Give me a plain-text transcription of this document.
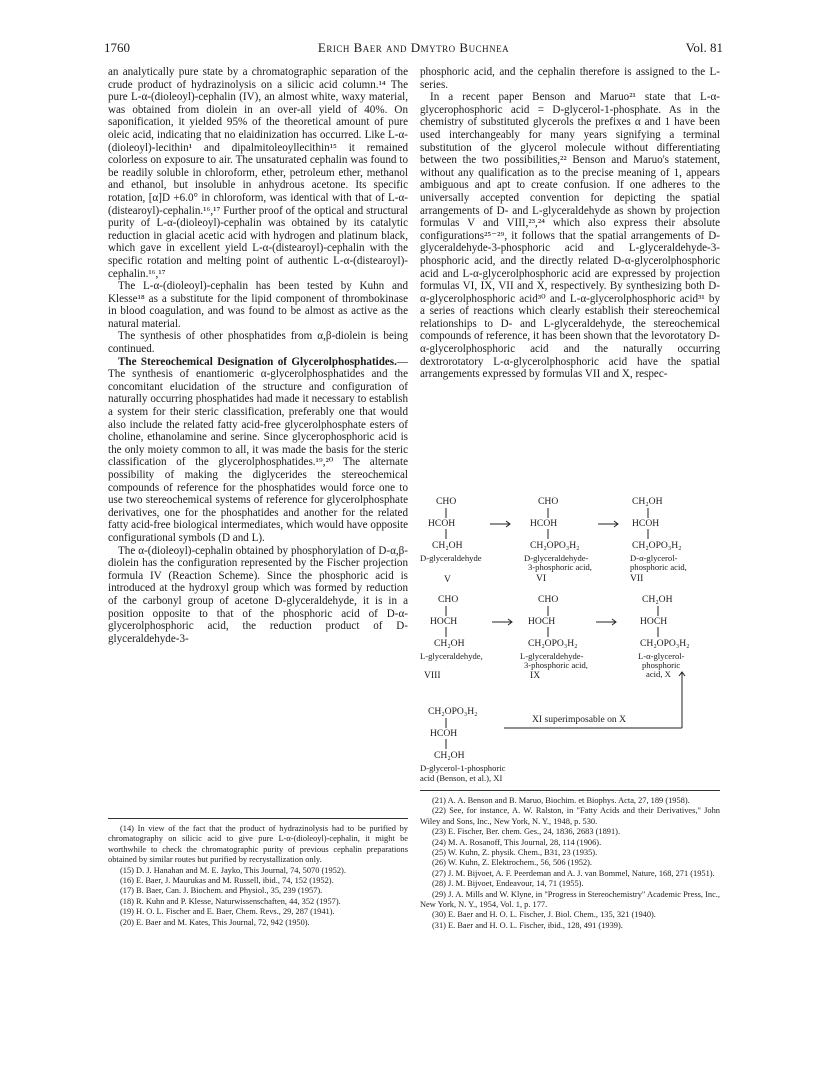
1760	Erich Baer and Dmytro Buchnea	Vol. 81

an analytically pure state by a chromatographic separation of the crude product of hydrazinolysis on a silicic acid column.¹⁴ The pure L-α-(dioleoyl)-cephalin (IV), an almost white, waxy material, was obtained from diolein in an over-all yield of 40%. On saponification, it yielded 95% of the theoretical amount of pure oleic acid, indicating that no elaidinization has occurred. Like L-α-(dioleoyl)-lecithin¹ and dipalmitoleoyllecithin¹⁵ it remained colorless on exposure to air. The unsaturated cephalin was found to be readily soluble in chloroform, ether, petroleum ether, methanol and ethanol, but insoluble in anhydrous acetone. Its specific rotation, [α]D +6.0° in chloroform, was identical with that of L-α-(distearoyl)-cephalin.¹⁶,¹⁷ Further proof of the optical and structural purity of L-α-(dioleoyl)-cephalin was obtained by its catalytic reduction in glacial acetic acid with hydrogen and platinum black, which gave in excellent yield L-α-(distearoyl)-cephalin with the specific rotation and melting point of authentic L-α-(distearoyl)-cephalin.¹⁶,¹⁷

The L-α-(dioleoyl)-cephalin has been tested by Kuhn and Klesse¹⁸ as a substitute for the lipid component of thrombokinase in blood coagulation, and was found to be almost as active as the natural material.

The synthesis of other phosphatides from α,β-diolein is being continued.

The Stereochemical Designation of Glycerolphosphatides.—The synthesis of enantiomeric α-glycerolphosphatides and the concomitant elucidation of the structure and configuration of naturally occurring phosphatides had made it necessary to establish a system for their steric classification, preferably one that would also include the related fatty acid-free glycerolphosphate esters of choline, ethanolamine and serine. Since glycerophosphoric acid is the only moiety common to all, it was made the basis for the steric classification of the glycerolphosphatides.¹⁹,²⁰ The alternate possibility of making the diglycerides the stereochemical compounds of reference for the phosphatides would force one to use two stereochemical systems of reference for glycerolphosphate derivatives, one for the phosphatides and another for the related fatty acid-free biological intermediates, which would have opposite configurational symbols (D and L).

The α-(dioleoyl)-cephalin obtained by phosphorylation of D-α,β-diolein has the configuration represented by the Fischer projection formula IV (Reaction Scheme). Since the phosphoric acid is introduced at the hydroxyl group which was formed by reduction of the carbonyl group of acetone D-glyceraldehyde, it is in a position opposite to that of the phosphoric acid of D-α-glycerolphosphoric acid, the reduction product of D-glyceraldehyde-3-

phosphoric acid, and the cephalin therefore is assigned to the L-series.

In a recent paper Benson and Maruo²¹ state that L-α-glycerophosphoric acid = D-glycerol-1-phosphate. As in the chemistry of substituted glycerols the prefixes α and 1 have been used interchangeably for many years signifying a terminal substitution of the glycerol molecule without differentiating between the two possibilities,²² Benson and Maruo's statement, without any qualification as to the precise meaning of 1, appears ambiguous and apt to create confusion. If one adheres to the universally accepted convention for depicting the spatial arrangements of D- and L-glyceraldehyde as shown by projection formulas V and VIII,²³,²⁴ which also express their absolute configurations²⁵⁻²⁹, it follows that the spatial arrangements of D-glyceraldehyde-3-phosphoric acid and L-glyceraldehyde-3-phosphoric acid, and the directly related D-α-glycerolphosphoric acid and L-α-glycerolphosphoric acid are expressed by projection formulas VI, IX, VII and X, respectively. By synthesizing both D-α-glycerolphosphoric acid³⁰ and L-α-glycerolphosphoric acid³¹ by a series of reactions which clearly establish their stereochemical relationships to D- and L-glyceraldehyde, the stereochemical compounds of reference, it has been shown that the levorotatory D-α-glycerolphosphoric acid and the naturally occurring dextrorotatory L-α-glycerolphosphoric acid have the spatial arrangements expressed by formulas VII and X, respec-

CHO
HCOH
CH₂OH
D-glyceraldehyde
V
CHO
HCOH
CH₂OPO₃H₂
D-glyceraldehyde-
3-phosphoric acid,
VI
CH₂OH
HCOH
CH₂OPO₃H₂
D-α-glycerol-
phosphoric acid,
VII
CHO
HOCH
CH₂OH
L-glyceraldehyde,
VIII
CHO
HOCH
CH₂OPO₃H₂
L-glyceraldehyde-
3-phosphoric acid,
IX
CH₂OH
HOCH
CH₂OPO₃H₂
L-α-glycerol-
phosphoric
acid, X
CH₂OPO₃H₂
HCOH
CH₂OH
XI superimposable on X
D-glycerol-1-phosphoric
acid (Benson, et al.), XI

(14) In view of the fact that the product of hydrazinolysis had to be purified by chromatography on silicic acid to give pure L-α-(dioleoyl)-cephalin, it might be worthwhile to check the chromatographic purity of previous cephalin preparations obtained by similar routes but purified by recrystallization only.

(15) D. J. Hanahan and M. E. Jayko, This Journal, 74, 5070 (1952).

(16) E. Baer, J. Maurukas and M. Russell, ibid., 74, 152 (1952).

(17) B. Baer, Can. J. Biochem. and Physiol., 35, 239 (1957).

(18) R. Kuhn and P. Klesse, Naturwissenschaften, 44, 352 (1957).

(19) H. O. L. Fischer and E. Baer, Chem. Revs., 29, 287 (1941).

(20) E. Baer and M. Kates, This Journal, 72, 942 (1950).

(21) A. A. Benson and B. Maruo, Biochim. et Biophys. Acta, 27, 189 (1958).

(22) See, for instance, A. W. Ralston, in "Fatty Acids and their Derivatives," John Wiley and Sons, Inc., New York, N. Y., 1948, p. 530.

(23) E. Fischer, Ber. chem. Ges., 24, 1836, 2683 (1891).

(24) M. A. Rosanoff, This Journal, 28, 114 (1906).

(25) W. Kuhn, Z. physik. Chem., B31, 23 (1935).

(26) W. Kuhn, Z. Elektrochem., 56, 506 (1952).

(27) J. M. Bijvoet, A. F. Peerdeman and A. J. van Bommel, Nature, 168, 271 (1951).

(28) J. M. Bijvoet, Endeavour, 14, 71 (1955).

(29) J. A. Mills and W. Klyne, in "Progress in Stereochemistry" Academic Press, Inc., New York, N. Y., 1954, Vol. 1, p. 177.

(30) E. Baer and H. O. L. Fischer, J. Biol. Chem., 135, 321 (1940).

(31) E. Baer and H. O. L. Fischer, ibid., 128, 491 (1939).
